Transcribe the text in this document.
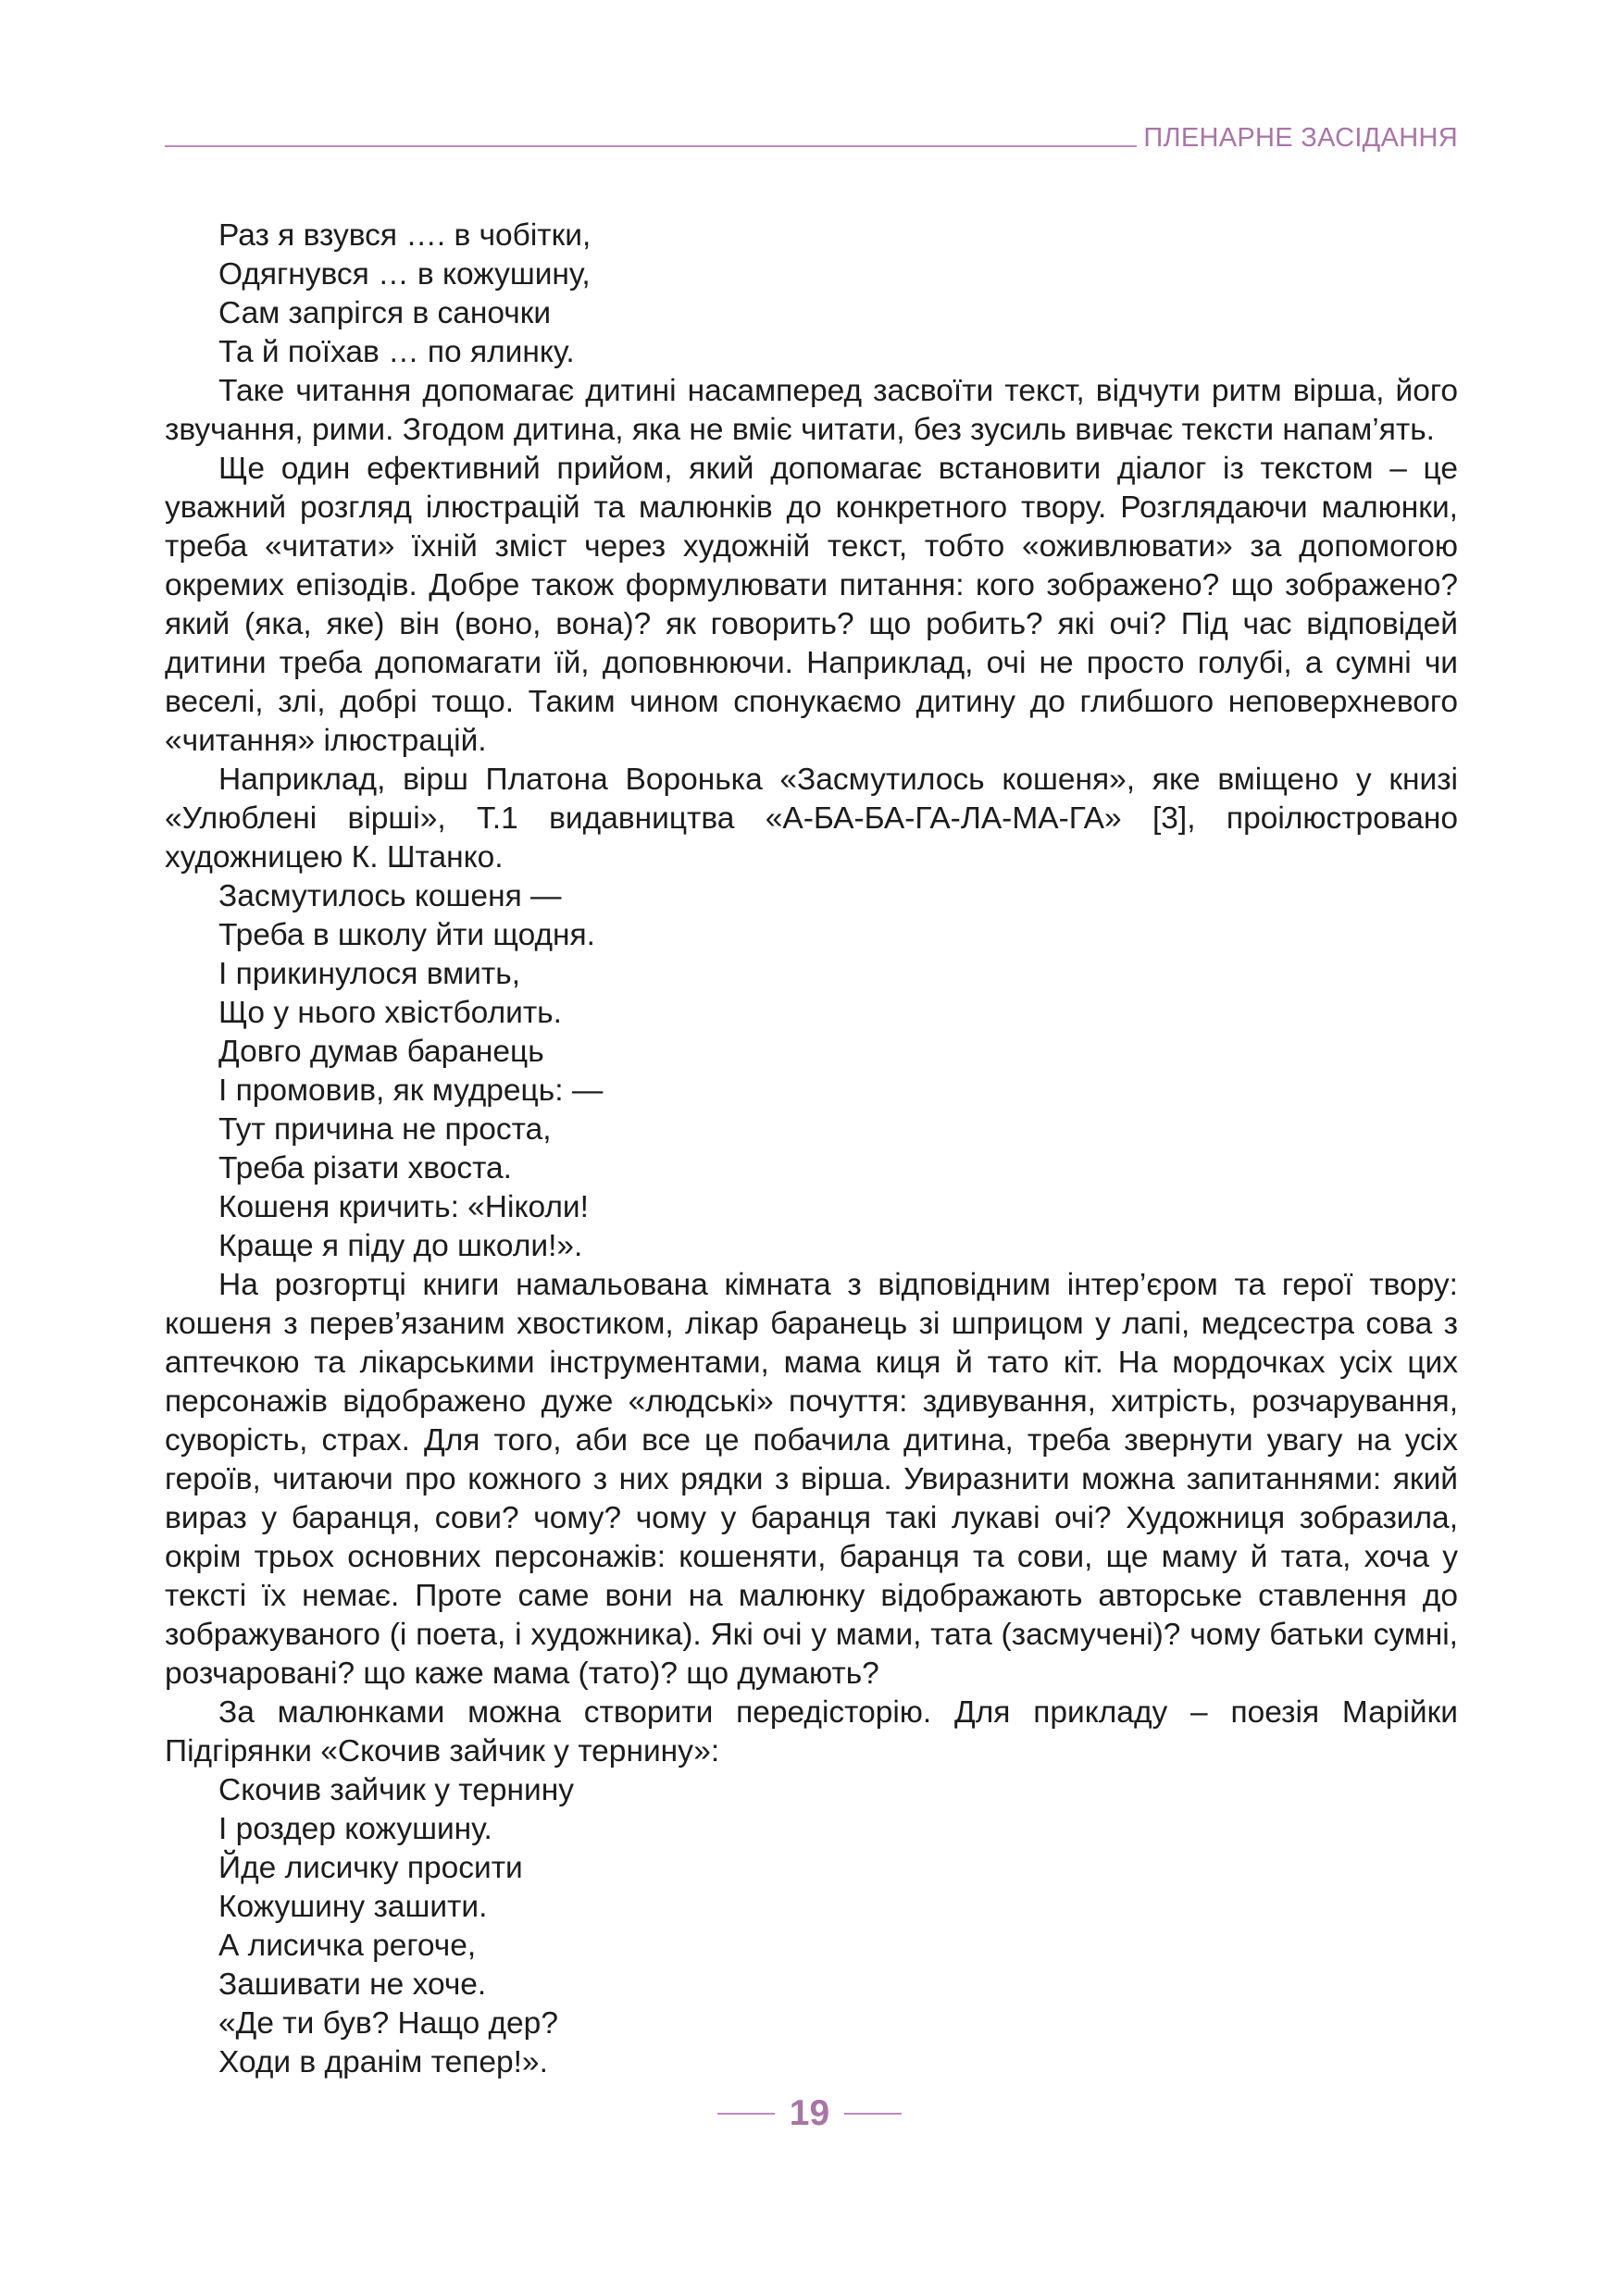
ПЛЕНАРНЕ ЗАСІДАННЯ

Раз я взувся …. в чобітки,

Одягнувся … в кожушину,

Сам запрігся в саночки

Та й поїхав … по ялинку.

Таке читання допомагає дитині насамперед засвоїти текст, відчути ритм вірша, його звучання, рими. Згодом дитина, яка не вміє читати, без зусиль вивчає тексти напам’ять.

Ще один ефективний прийом, який допомагає встановити діалог із текстом – це уважний розгляд ілюстрацій та малюнків до конкретного твору. Розглядаючи малюнки, треба «читати» їхній зміст через художній текст, тобто «оживлювати» за допомогою окремих епізодів. Добре також формулювати питання: кого зображено? що зображено? який (яка, яке) він (воно, вона)? як говорить? що робить? які очі? Під час відповідей дитини треба допомагати їй, доповнюючи. Наприклад, очі не просто голубі, а сумні чи веселі, злі, добрі тощо. Таким чином спонукаємо дитину до глибшого неповерхневого «читання» ілюстрацій.

Наприклад, вірш Платона Воронька «Засмутилось кошеня», яке вміщено у книзі «Улюблені вірші», Т.1 видавництва «А-БА-БА-ГА-ЛА-МА-ГА» [3], проілюстровано художницею К. Штанко.

Засмутилось кошеня —

Треба в школу йти щодня.

І прикинулося вмить,

Що у нього хвістболить.

Довго думав баранець

І промовив, як мудрець: —

Тут причина не проста,

Треба різати хвоста.

Кошеня кричить: «Ніколи!

Краще я піду до школи!».

На розгортці книги намальована кімната з відповідним інтер’єром та герої твору: кошеня з перев’язаним хвостиком, лікар баранець зі шприцом у лапі, медсестра сова з аптечкою та лікарськими інструментами, мама киця й тато кіт. На мордочках усіх цих персонажів відображено дуже «людські» почуття: здивування, хитрість, розчарування, суворість, страх. Для того, аби все це побачила дитина, треба звернути увагу на усіх героїв, читаючи про кожного з них рядки з вірша. Увиразнити можна запитаннями: який вираз у баранця, сови? чому? чому у баранця такі лукаві очі? Художниця зобразила, окрім трьох основних персонажів: кошеняти, баранця та сови, ще маму й тата, хоча у тексті їх немає. Проте саме вони на малюнку відображають авторське ставлення до зображуваного (і поета, і художника). Які очі у мами, тата (засмучені)? чому батьки сумні, розчаровані? що каже мама (тато)? що думають?

За малюнками можна створити передісторію. Для прикладу – поезія Марійки Підгірянки «Скочив зайчик у тернину»:

Скочив зайчик у тернину

І роздер кожушину.

Йде лисичку просити

Кожушину зашити.

А лисичка регоче,

Зашивати не хоче.

«Де ти був? Нащо дер?

Ходи в дранім тепер!».

19
